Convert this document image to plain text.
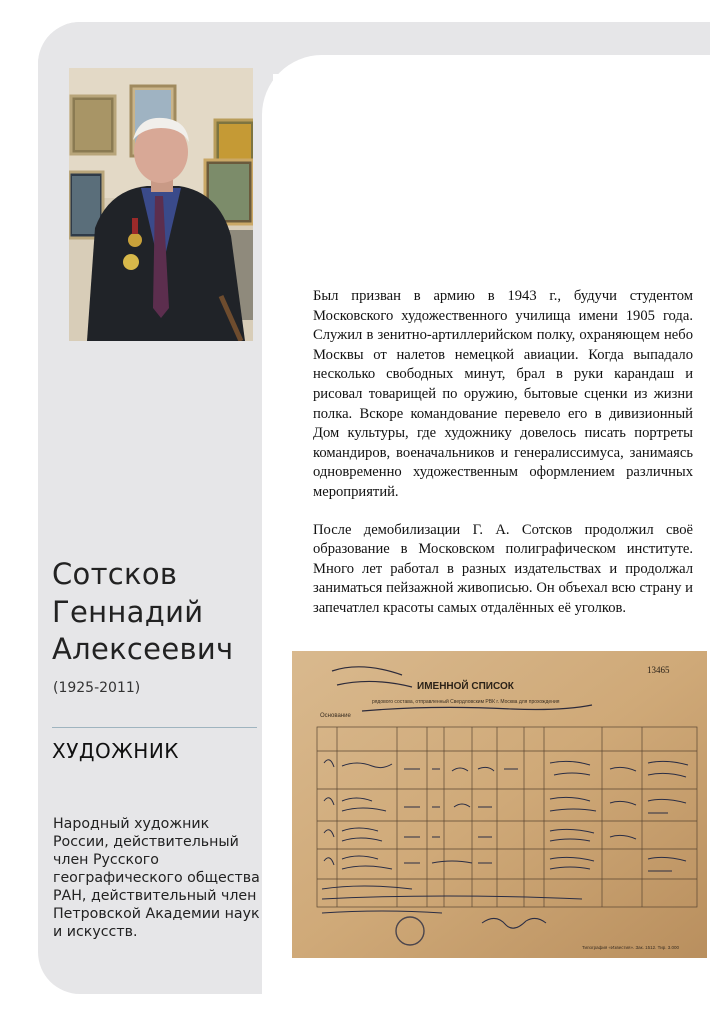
Был призван в армию в 1943 г., будучи студентом Московского художественного училища имени 1905 года. Служил в зенитно-артиллерийском полку, охраняющем небо Москвы от налетов немецкой авиации. Когда выпадало несколько свободных минут, брал в руки карандаш и рисовал товарищей по оружию, бытовые сценки из жизни полка. Вскоре командование перевело его в дивизионный Дом культуры, где художнику довелось писать портреты командиров, военачальников и генералиссимуса, занимаясь одновременно художественным оформлением различных мероприятий.

После демобилизации Г. А. Сотсков продолжил своё образование в Московском полиграфическом институте. Много лет работал в разных издательствах и продолжал заниматься пейзажной живописью. Он объехал всю страну и запечатлел красоты самых отдалённых её уголков.

Сотсков
Геннадий
Алексеевич
(1925-2011)
ХУДОЖНИК
Народный художник России, действительный член Русского географического общества РАН, действительный член Петровской Академии наук и искусств.
ИМЕННОЙ СПИСОК
13465
рядового состава, отправленный Свердловским РВК г. Москва для прохождения
Основание
Типография «Известия». Зак. 1512. Тир. 3.000
